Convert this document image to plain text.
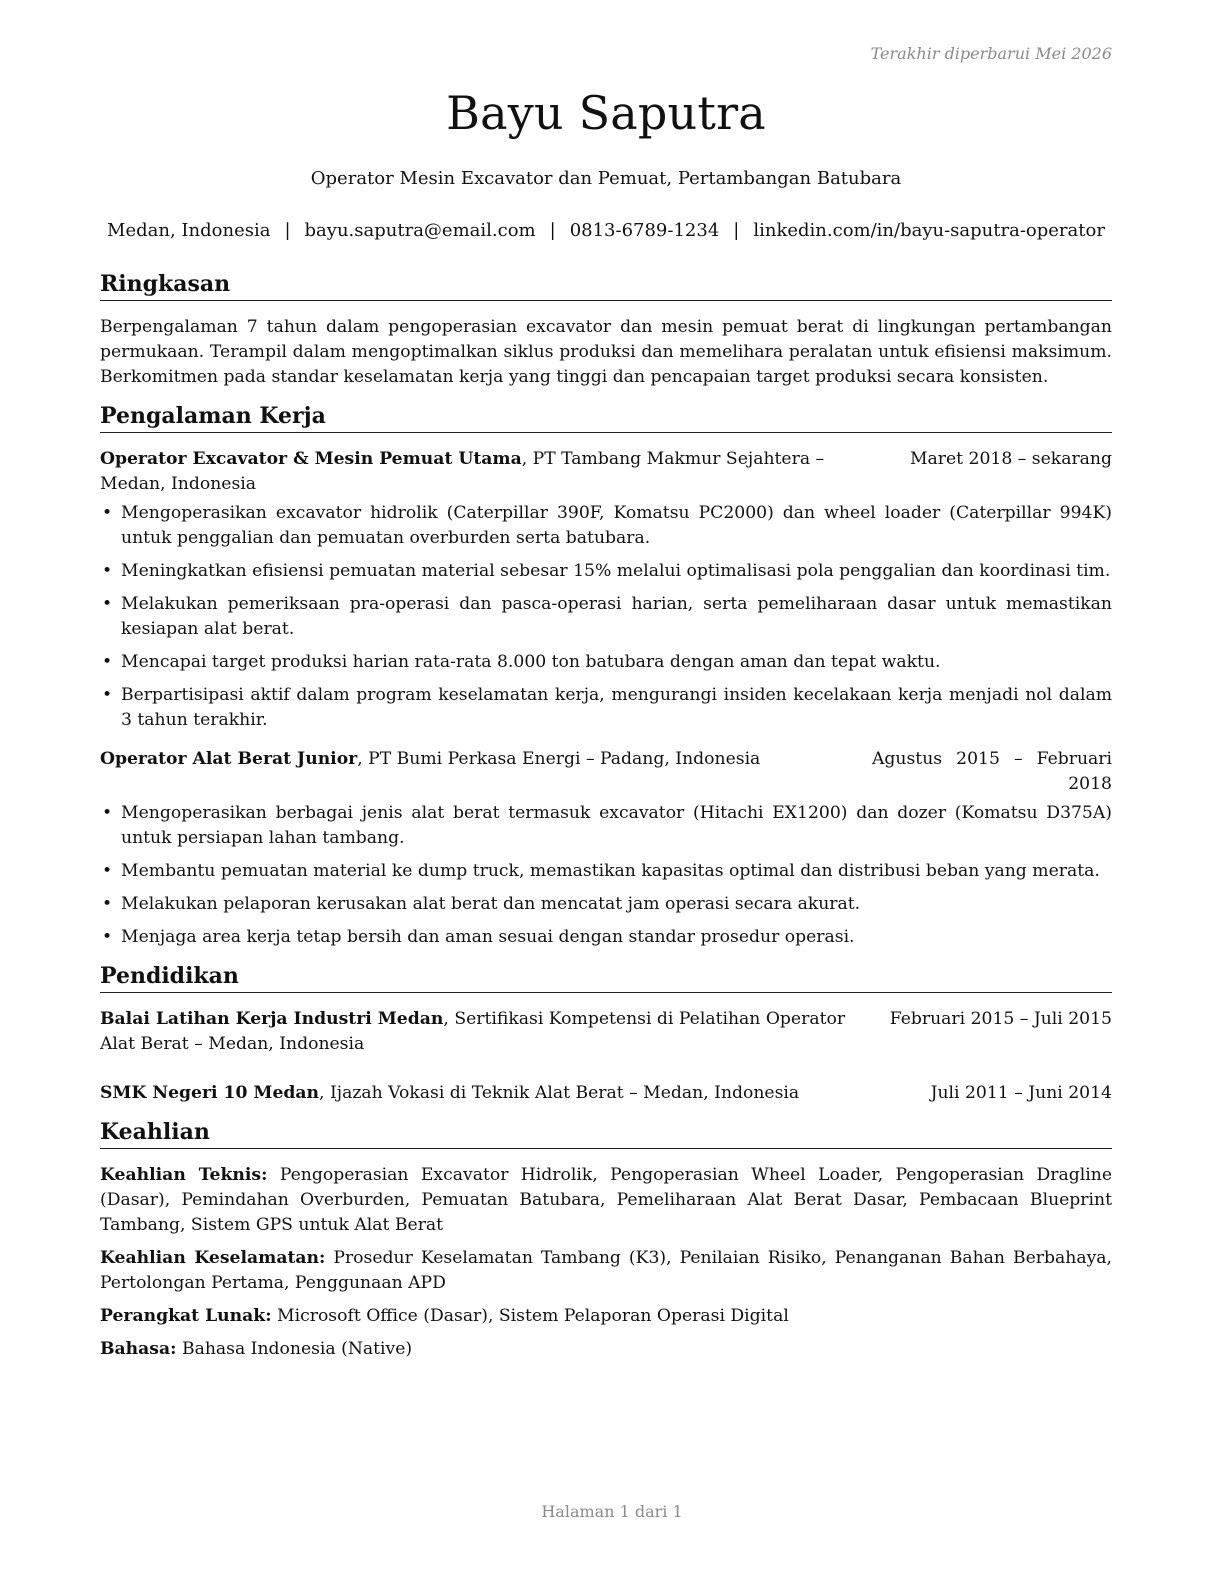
Terakhir diperbarui Mei 2026
Bayu Saputra
Operator Mesin Excavator dan Pemuat, Pertambangan Batubara
Medan, Indonesia | bayu.saputra@email.com | 0813-6789-1234 | linkedin.com/in/bayu-saputra-operator
Ringkasan

Berpengalaman 7 tahun dalam pengoperasian excavator dan mesin pemuat berat di lingkungan pertambangan permukaan. Terampil dalam mengoptimalkan siklus produksi dan memelihara peralatan untuk efisiensi maksimum. Berkomitmen pada standar keselamatan kerja yang tinggi dan pencapaian target produksi secara konsisten.

Pengalaman Kerja
Operator Excavator & Mesin Pemuat Utama, PT Tambang Makmur Sejahtera – Medan, Indonesia
Maret 2018 – sekarang
• Mengoperasikan excavator hidrolik (Caterpillar 390F, Komatsu PC2000) dan wheel loader (Caterpillar 994K) untuk penggalian dan pemuatan overburden serta batubara.
• Meningkatkan efisiensi pemuatan material sebesar 15% melalui optimalisasi pola penggalian dan koordinasi tim.
• Melakukan pemeriksaan pra-operasi dan pasca-operasi harian, serta pemeliharaan dasar untuk memastikan kesiapan alat berat.
• Mencapai target produksi harian rata-rata 8.000 ton batubara dengan aman dan tepat waktu.
• Berpartisipasi aktif dalam program keselamatan kerja, mengurangi insiden kecelakaan kerja menjadi nol dalam 3 tahun terakhir.
Operator Alat Berat Junior, PT Bumi Perkasa Energi – Padang, Indonesia	Agustus 2015 – Februari 2018
• Mengoperasikan berbagai jenis alat berat termasuk excavator (Hitachi EX1200) dan dozer (Komatsu D375A) untuk persiapan lahan tambang.
• Membantu pemuatan material ke dump truck, memastikan kapasitas optimal dan distribusi beban yang merata.
• Melakukan pelaporan kerusakan alat berat dan mencatat jam operasi secara akurat.
• Menjaga area kerja tetap bersih dan aman sesuai dengan standar prosedur operasi.
Pendidikan
Balai Latihan Kerja Industri Medan, Sertifikasi Kompetensi di Pelatihan Operator Alat Berat – Medan, Indonesia
Februari 2015 – Juli 2015
SMK Negeri 10 Medan, Ijazah Vokasi di Teknik Alat Berat – Medan, Indonesia	Juli 2011 – Juni 2014
Keahlian
Keahlian Teknis: Pengoperasian Excavator Hidrolik, Pengoperasian Wheel Loader, Pengoperasian Dragline (Dasar), Pemindahan Overburden, Pemuatan Batubara, Pemeliharaan Alat Berat Dasar, Pembacaan Blueprint Tambang, Sistem GPS untuk Alat Berat
Keahlian Keselamatan: Prosedur Keselamatan Tambang (K3), Penilaian Risiko, Penanganan Bahan Berbahaya, Pertolongan Pertama, Penggunaan APD
Perangkat Lunak: Microsoft Office (Dasar), Sistem Pelaporan Operasi Digital
Bahasa: Bahasa Indonesia (Native)
Halaman 1 dari 1
